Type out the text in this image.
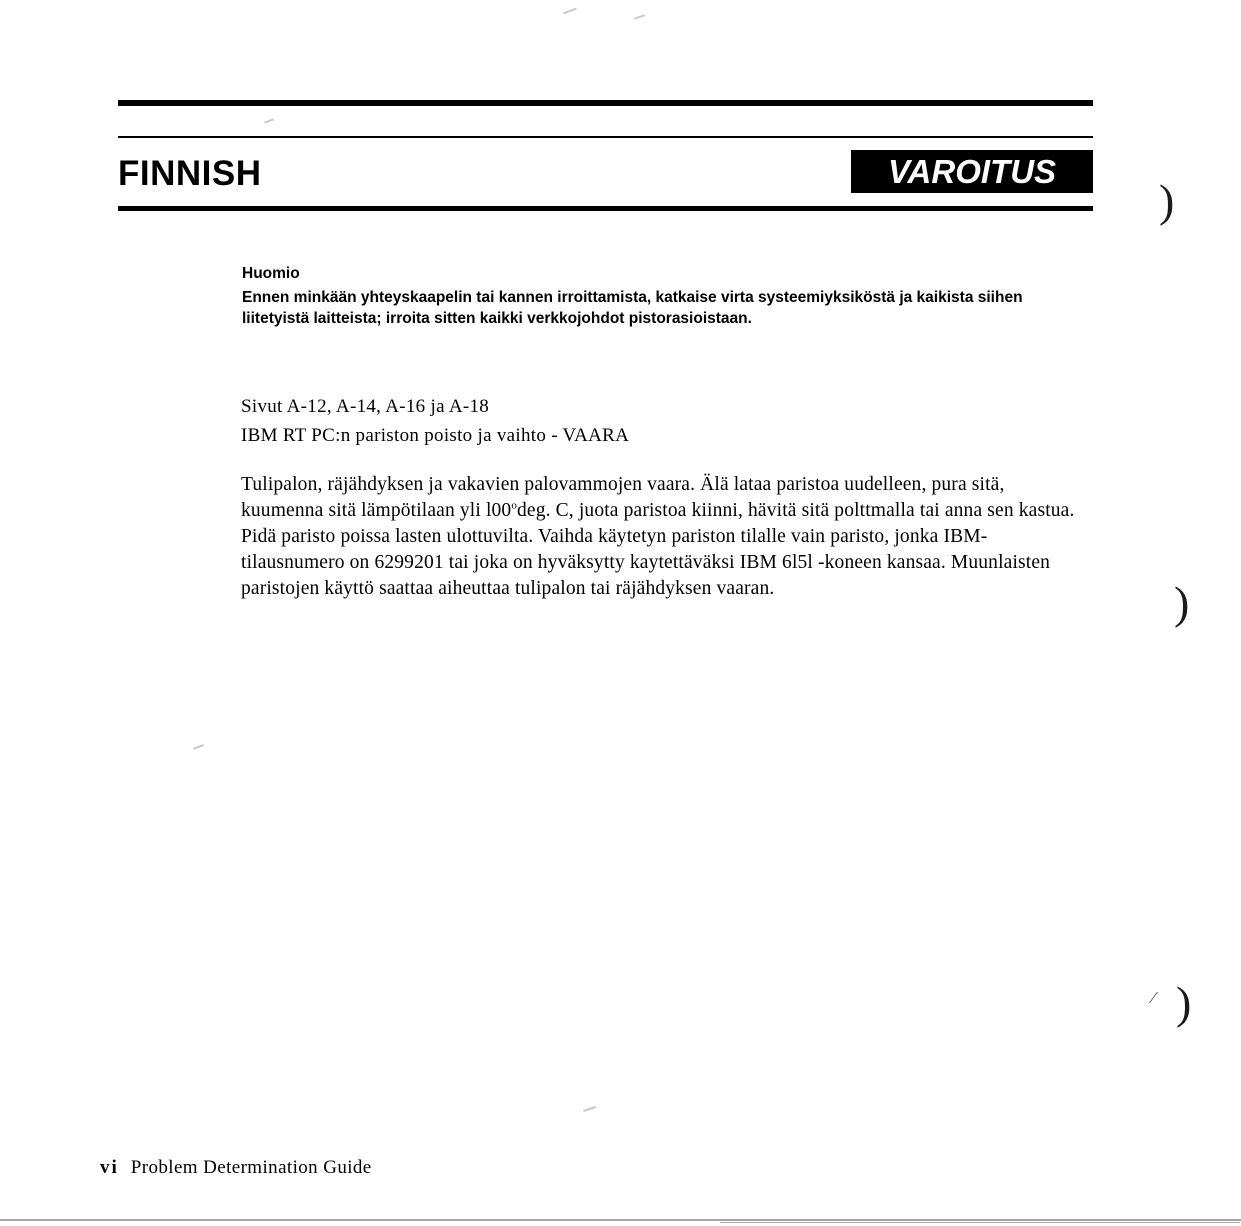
FINNISH	VAROITUS
Huomio
Ennen minkään yhteyskaapelin tai kannen irroittamista, katkaise virta systeemiyksiköstä ja kaikista siihen liitetyistä laitteista; irroita sitten kaikki verkkojohdot pistorasioistaan.
Sivut A-12, A-14, A-16 ja A-18
IBM RT PC:n pariston poisto ja vaihto - VAARA
Tulipalon, räjähdyksen ja vakavien palovammojen vaara. Älä lataa paristoa uudelleen, pura sitä, kuumenna sitä lämpötilaan yli l00$^o$deg. C, juota paristoa kiinni, hävitä sitä polttmalla tai anna sen kastua. Pidä paristo poissa lasten ulottuvilta. Vaihda käytetyn pariston tilalle vain paristo, jonka IBM-tilausnumero on 6299201 tai joka on hyväksytty kaytettäväksi IBM 6l5l -koneen kansaa. Muunlaisten paristojen käyttö saattaa aiheuttaa tulipalon tai räjähdyksen vaaran.
)
)
⁄ )
vi Problem Determination Guide
